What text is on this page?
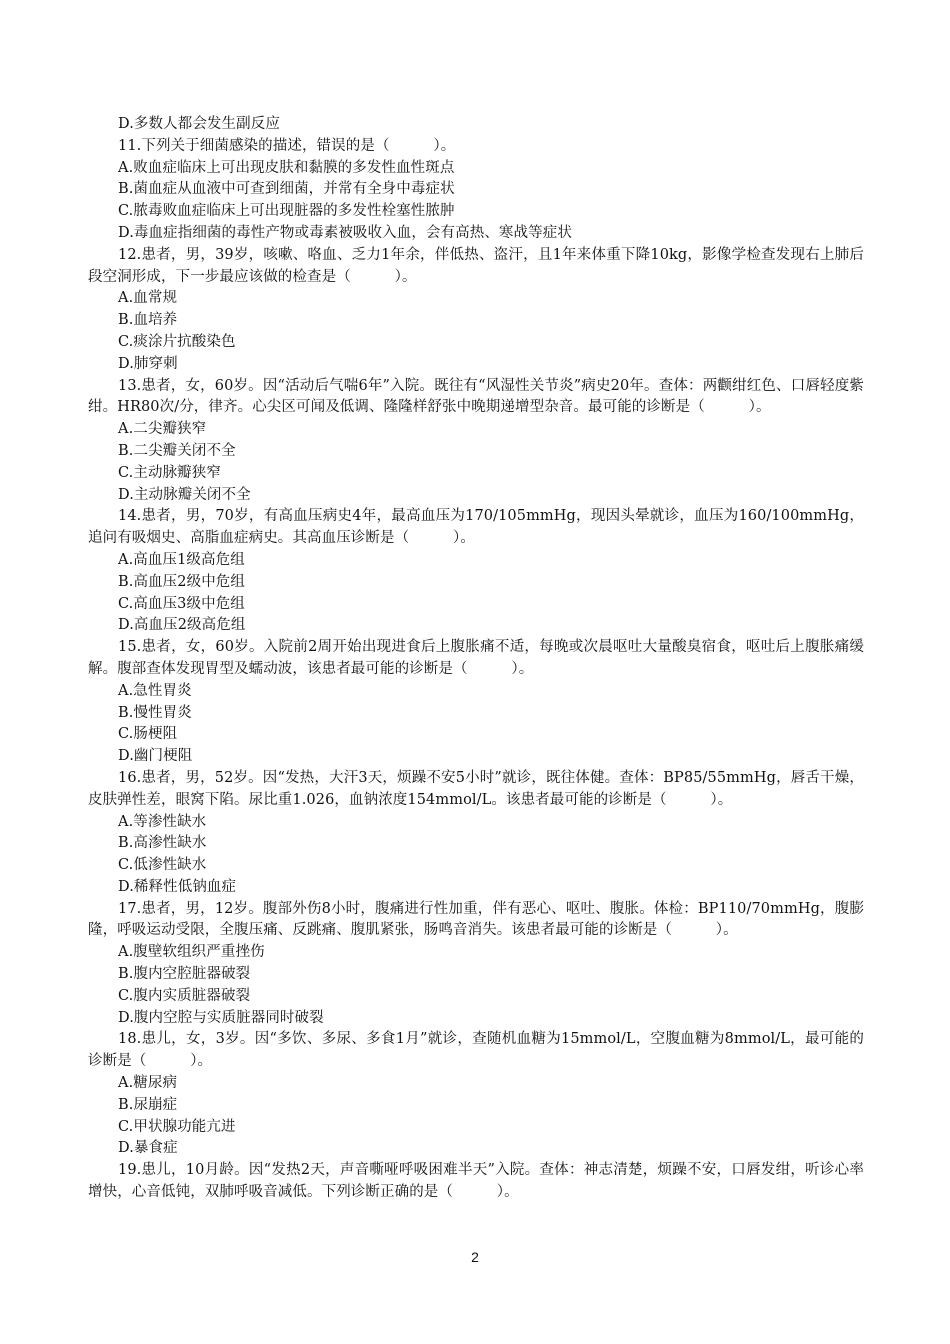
D.多数人都会发生副反应
11.下列关于细菌感染的描述，错误的是（　　　）。
A.败血症临床上可出现皮肤和黏膜的多发性血性斑点
B.菌血症从血液中可查到细菌，并常有全身中毒症状
C.脓毒败血症临床上可出现脏器的多发性栓塞性脓肿
D.毒血症指细菌的毒性产物或毒素被吸收入血，会有高热、寒战等症状
12.患者，男，39岁，咳嗽、咯血、乏力1年余，伴低热、盗汗，且1年来体重下降10kg，影像学检查发现右上肺后段空洞形成，下一步最应该做的检查是（　　　）。
A.血常规
B.血培养
C.痰涂片抗酸染色
D.肺穿刺
13.患者，女，60岁。因“活动后气喘6年”入院。既往有“风湿性关节炎”病史20年。查体：两颧绀红色、口唇轻度紫绀。HR80次/分，律齐。心尖区可闻及低调、隆隆样舒张中晚期递增型杂音。最可能的诊断是（　　　）。
A.二尖瓣狭窄
B.二尖瓣关闭不全
C.主动脉瓣狭窄
D.主动脉瓣关闭不全
14.患者，男，70岁，有高血压病史4年，最高血压为170/105mmHg，现因头晕就诊，血压为160/100mmHg，追问有吸烟史、高脂血症病史。其高血压诊断是（　　　）。
A.高血压1级高危组
B.高血压2级中危组
C.高血压3级中危组
D.高血压2级高危组
15.患者，女，60岁。入院前2周开始出现进食后上腹胀痛不适，每晚或次晨呕吐大量酸臭宿食，呕吐后上腹胀痛缓解。腹部查体发现胃型及蠕动波，该患者最可能的诊断是（　　　）。
A.急性胃炎
B.慢性胃炎
C.肠梗阻
D.幽门梗阻
16.患者，男，52岁。因“发热，大汗3天，烦躁不安5小时”就诊，既往体健。查体：BP85/55mmHg，唇舌干燥，皮肤弹性差，眼窝下陷。尿比重1.026，血钠浓度154mmol/L。该患者最可能的诊断是（　　　）。
A.等渗性缺水
B.高渗性缺水
C.低渗性缺水
D.稀释性低钠血症
17.患者，男，12岁。腹部外伤8小时，腹痛进行性加重，伴有恶心、呕吐、腹胀。体检：BP110/70mmHg，腹膨隆，呼吸运动受限，全腹压痛、反跳痛、腹肌紧张，肠鸣音消失。该患者最可能的诊断是（　　　）。
A.腹壁软组织严重挫伤
B.腹内空腔脏器破裂
C.腹内实质脏器破裂
D.腹内空腔与实质脏器同时破裂
18.患儿，女，3岁。因“多饮、多尿、多食1月”就诊，查随机血糖为15mmol/L，空腹血糖为8mmol/L，最可能的诊断是（　　　）。
A.糖尿病
B.尿崩症
C.甲状腺功能亢进
D.暴食症
19.患儿，10月龄。因“发热2天，声音嘶哑呼吸困难半天”入院。查体：神志清楚，烦躁不安，口唇发绀，听诊心率增快，心音低钝，双肺呼吸音减低。下列诊断正确的是（　　　）。
2
